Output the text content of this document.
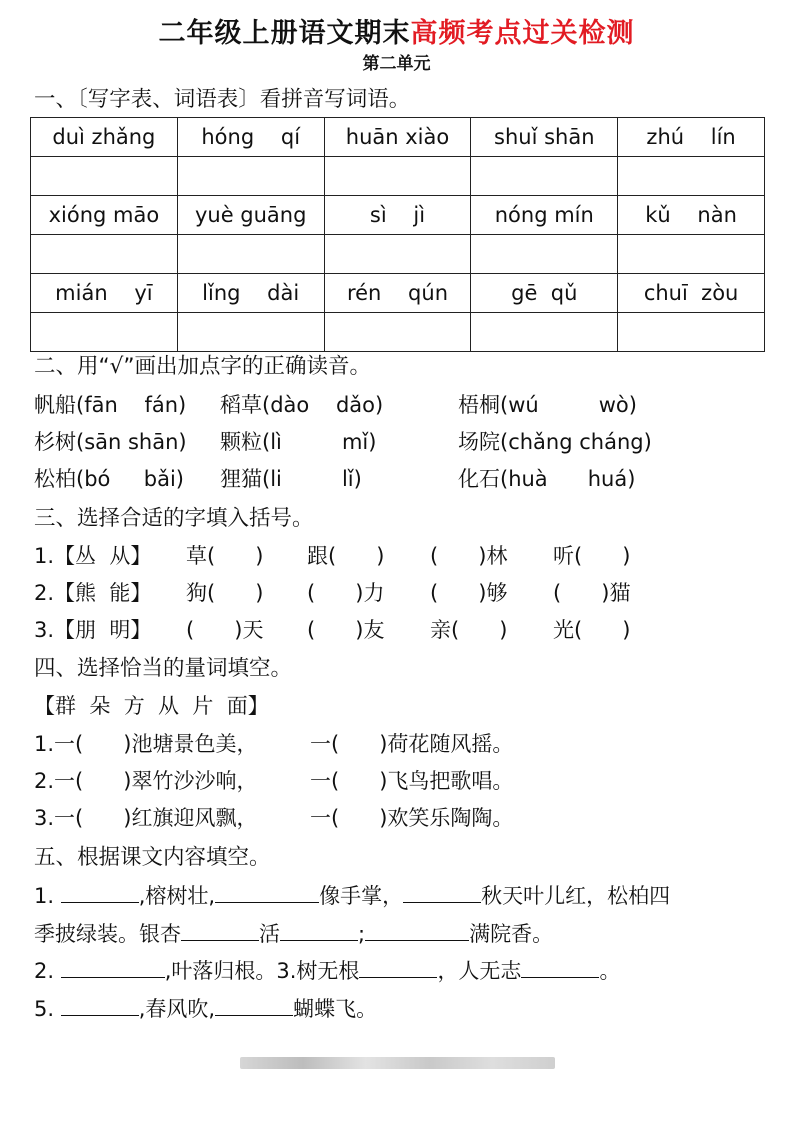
二年级上册语文期末高频考点过关检测
第二单元
一、〔写字表、词语表〕看拼音写词语。
duì zhǎng	hóng    qí	huān xiào	shuǐ shān	zhú    lín

xióng māo	yuè guāng	sì    jì	nóng mín	kǔ    nàn

mián    yī	lǐng    dài	rén    qún	gē  qǔ	chuī  zòu

二、用“√”画出加点字的正确读音。
帆船(fān    fán) 稻草(dào    dǎo)	梧桐(wú         wò)
杉树(sān shān) 颗粒(lì         mǐ)	场院(chǎng cháng)
松柏(bó     bǎi) 狸猫(li         lǐ)	化石(huà      huá)
三、选择合适的字填入括号。
1.【丛  从】 草(      ) 跟(      ) (      )林 听(      )
2.【熊  能】 狗(      ) (      )力 (      )够 (      )猫
3.【朋  明】 (      )天 (      )友 亲(      ) 光(      )
四、选择恰当的量词填空。
【群  朵  方  从  片  面】
1.一(      )池塘景色美，	一(      )荷花随风摇。
2.一(      )翠竹沙沙响，	一(      )飞鸟把歌唱。
3.一(      )红旗迎风飘，	一(      )欢笑乐陶陶。
五、根据课文内容填空。
1.	,榕树壮,	像手掌，	秋天叶儿红，松柏四
季披绿装。银杏	活	;	满院香。
2.	,叶落归根。3.树无根	，人无志	。
5.	,春风吹,	蝴蝶飞。
